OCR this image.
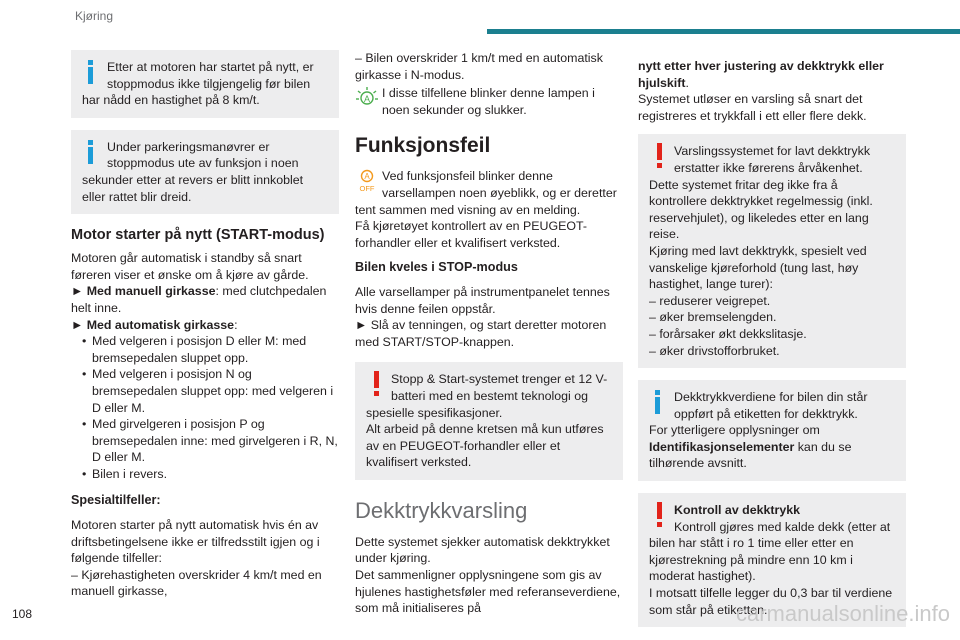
Kjøring

Etter at motoren har startet på nytt, er stoppmodus ikke tilgjengelig før bilen har nådd en hastighet på 8 km/t.

Under parkeringsmanøvrer er stoppmodus ute av funksjon i noen sekunder etter at revers er blitt innkoblet eller rattet blir dreid.

Motor starter på nytt (START-modus)

Motoren går automatisk i standby så snart føreren viser et ønske om å kjøre av gårde.

► Med manuell girkasse: med clutchpedalen helt inne.

► Med automatisk girkasse:

• Med velgeren i posisjon D eller M: med bremsepedalen sluppet opp.
• Med velgeren i posisjon N og bremsepedalen sluppet opp: med velgeren i D eller M.
• Med girvelgeren i posisjon P og bremsepedalen inne: med girvelgeren i R, N, D eller M.
• Bilen i revers.
Spesialtilfeller:

Motoren starter på nytt automatisk hvis én av driftsbetingelsene ikke er tilfredsstilt igjen og i følgende tilfeller:

– Kjørehastigheten overskrider 4 km/t med en manuell girkasse,

– Bilen overskrider 1 km/t med en automatisk girkasse i N-modus.

A I disse tilfellene blinker denne lampen i noen sekunder og slukker.

Funksjonsfeil
A
OFF

Ved funksjonsfeil blinker denne varsellampen noen øyeblikk, og er deretter tent sammen med visning av en melding.

Få kjøretøyet kontrollert av en PEUGEOT-forhandler eller et kvalifisert verksted.

Bilen kveles i STOP-modus

Alle varsellamper på instrumentpanelet tennes hvis denne feilen oppstår.

► Slå av tenningen, og start deretter motoren med START/STOP-knappen.

Stopp & Start-systemet trenger et 12 V-batteri med en bestemt teknologi og spesielle spesifikasjoner.

Alt arbeid på denne kretsen må kun utføres av en PEUGEOT-forhandler eller et kvalifisert verksted.

Dekktrykkvarsling

Dette systemet sjekker automatisk dekktrykket under kjøring.

Det sammenligner opplysningene som gis av hjulenes hastighetsføler med referanseverdiene, som må initialiseres på

nytt etter hver justering av dekktrykk eller hjulskift.

Systemet utløser en varsling så snart det registreres et trykkfall i ett eller flere dekk.

Varslingssystemet for lavt dekktrykk erstatter ikke førerens årvåkenhet.

Dette systemet fritar deg ikke fra å kontrollere dekktrykket regelmessig (inkl. reservehjulet), og likeledes etter en lang reise.

Kjøring med lavt dekktrykk, spesielt ved vanskelige kjøreforhold (tung last, høy hastighet, lange turer):

– reduserer veigrepet.

– øker bremselengden.

– forårsaker økt dekkslitasje.

– øker drivstofforbruket.

Dekktrykkverdiene for bilen din står oppført på etiketten for dekktrykk.

For ytterligere opplysninger om Identifikasjonselementer kan du se tilhørende avsnitt.

Kontroll av dekktrykk

Kontroll gjøres med kalde dekk (etter at bilen har stått i ro 1 time eller etter en kjørestrekning på mindre enn 10 km i moderat hastighet).

I motsatt tilfelle legger du 0,3 bar til verdiene som står på etiketten.

108	carmanualsonline.info
